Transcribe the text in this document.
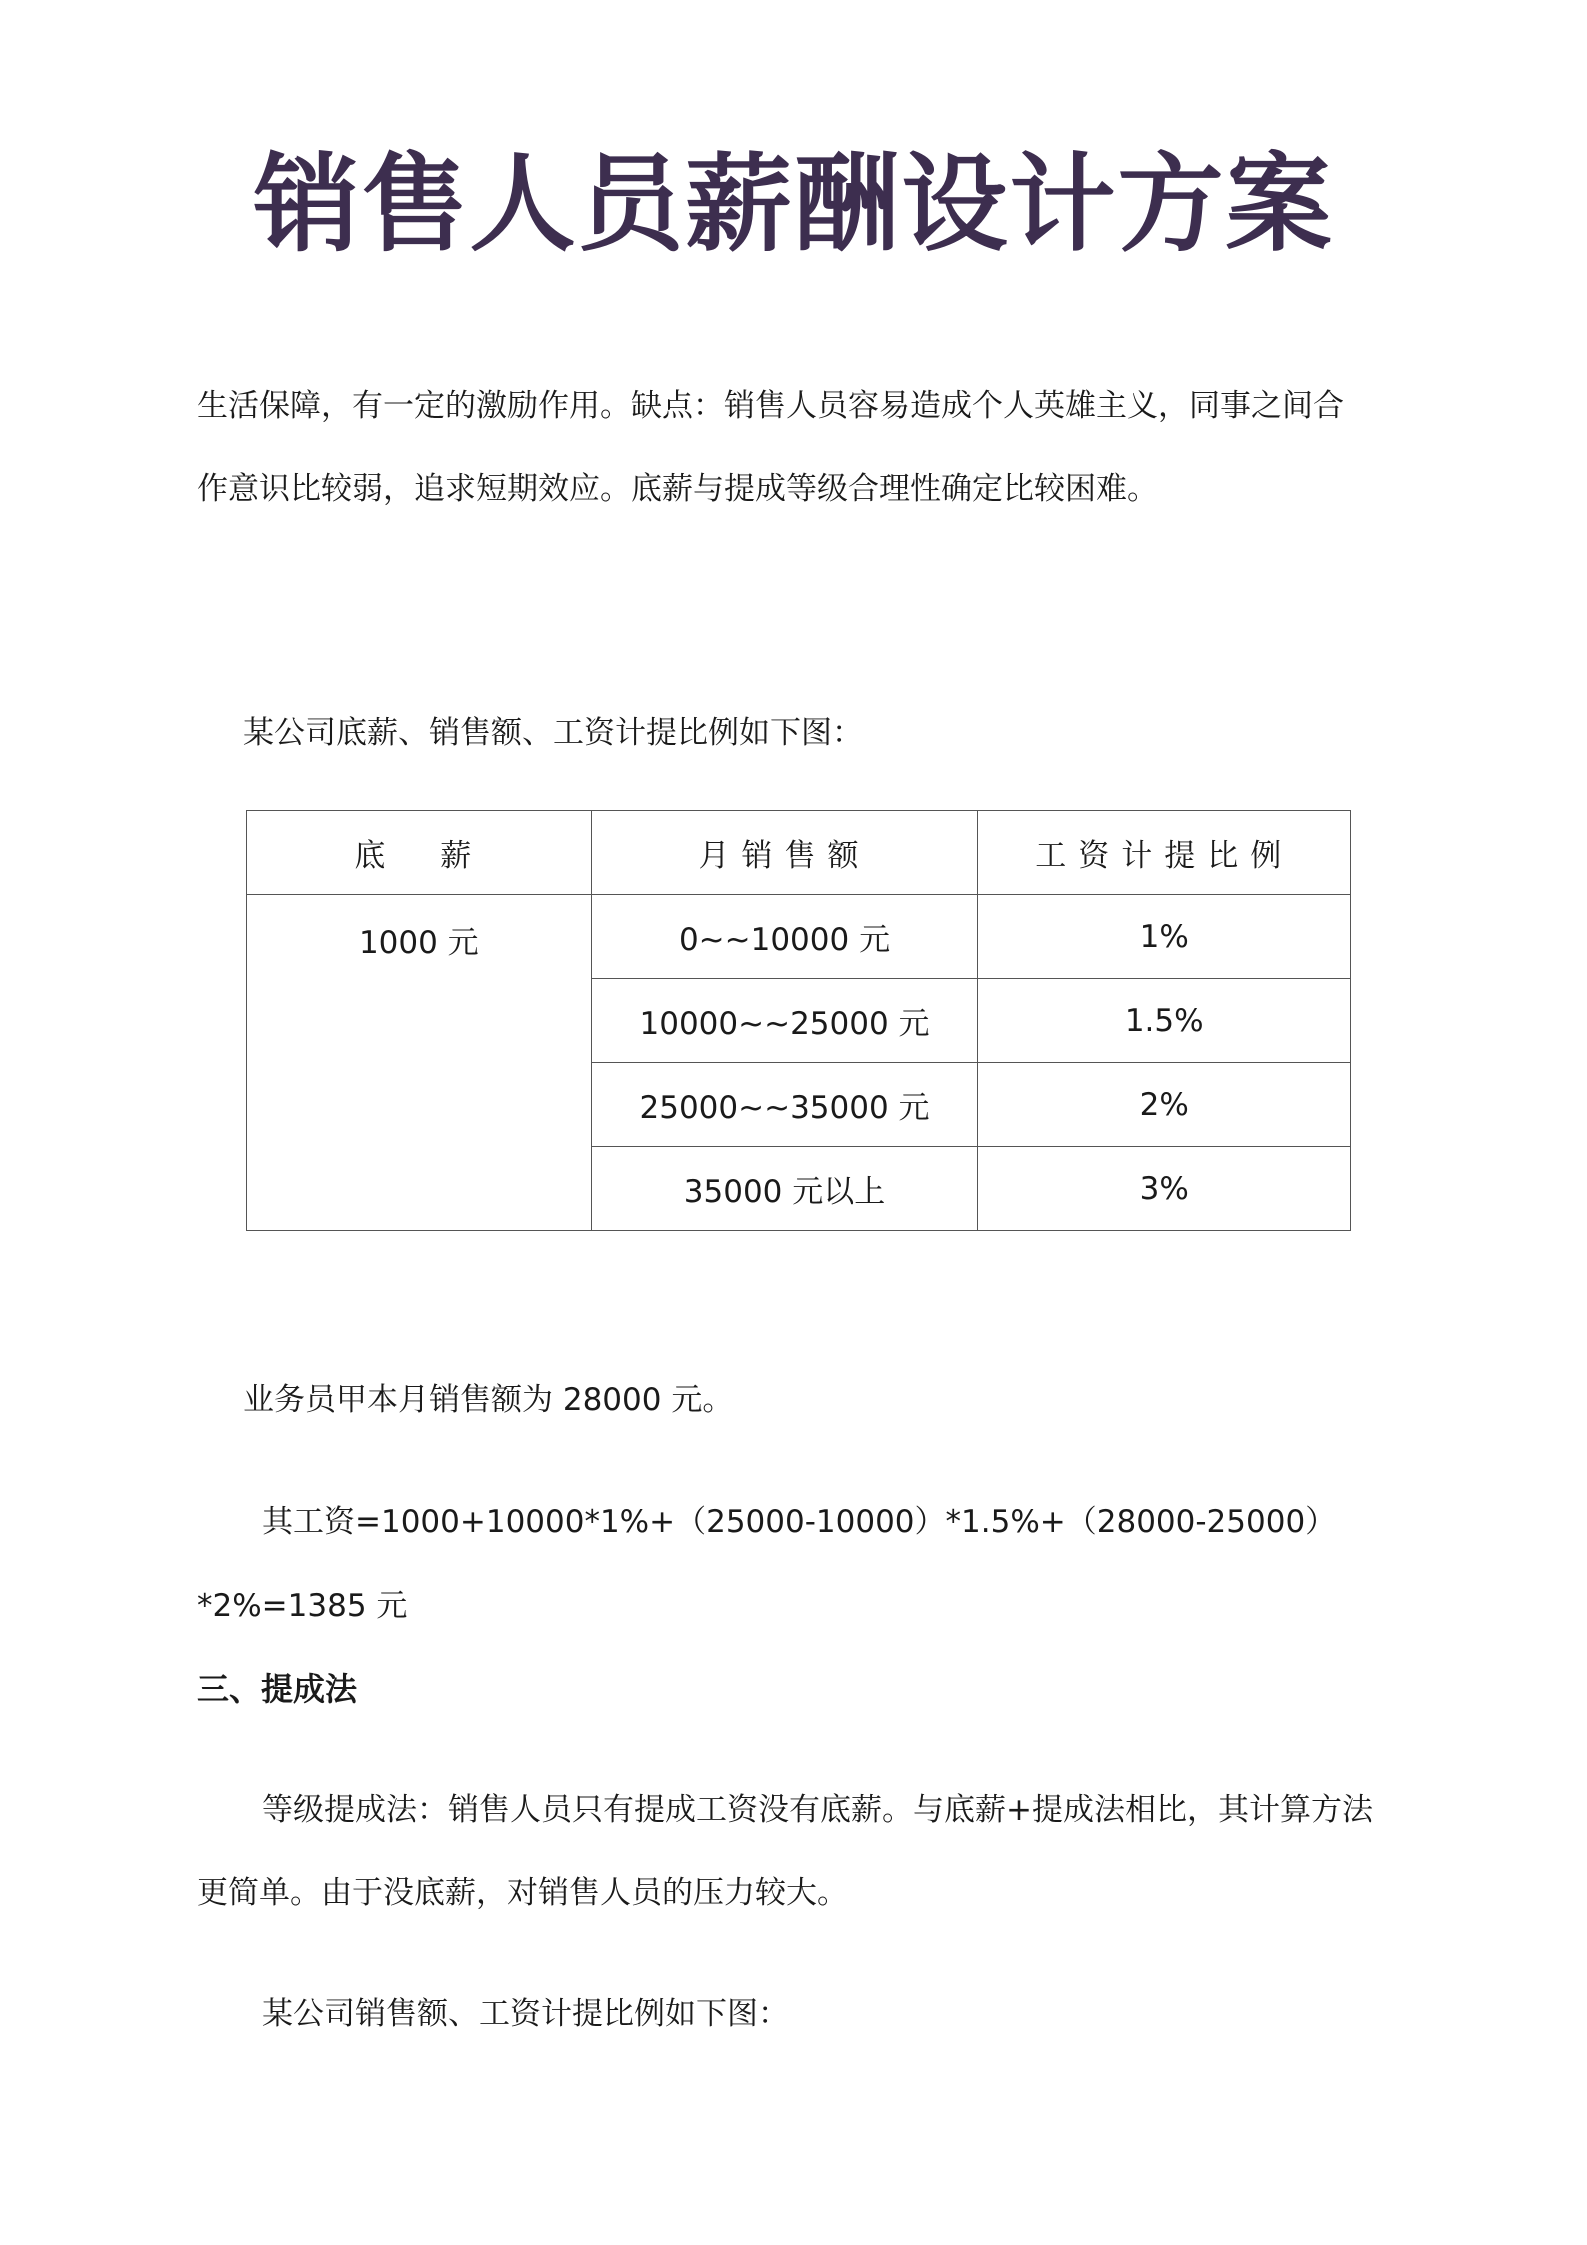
销售人员薪酬设计方案

生活保障，有一定的激励作用。缺点：销售人员容易造成个人英雄主义，同事之间合

作意识比较弱，追求短期效应。底薪与提成等级合理性确定比较困难。

某公司底薪、销售额、工资计提比例如下图：

底　薪	月销售额	工资计提比例
1000 元	0~~10000 元	1%
	10000~~25000 元	1.5%
	25000~~35000 元	2%
	35000 元以上	3%

业务员甲本月销售额为 28000 元。

其工资=1000+10000*1%+（25000-10000）*1.5%+（28000-25000）

*2%=1385 元

三、提成法

等级提成法：销售人员只有提成工资没有底薪。与底薪+提成法相比，其计算方法

更简单。由于没底薪，对销售人员的压力较大。

某公司销售额、工资计提比例如下图：
